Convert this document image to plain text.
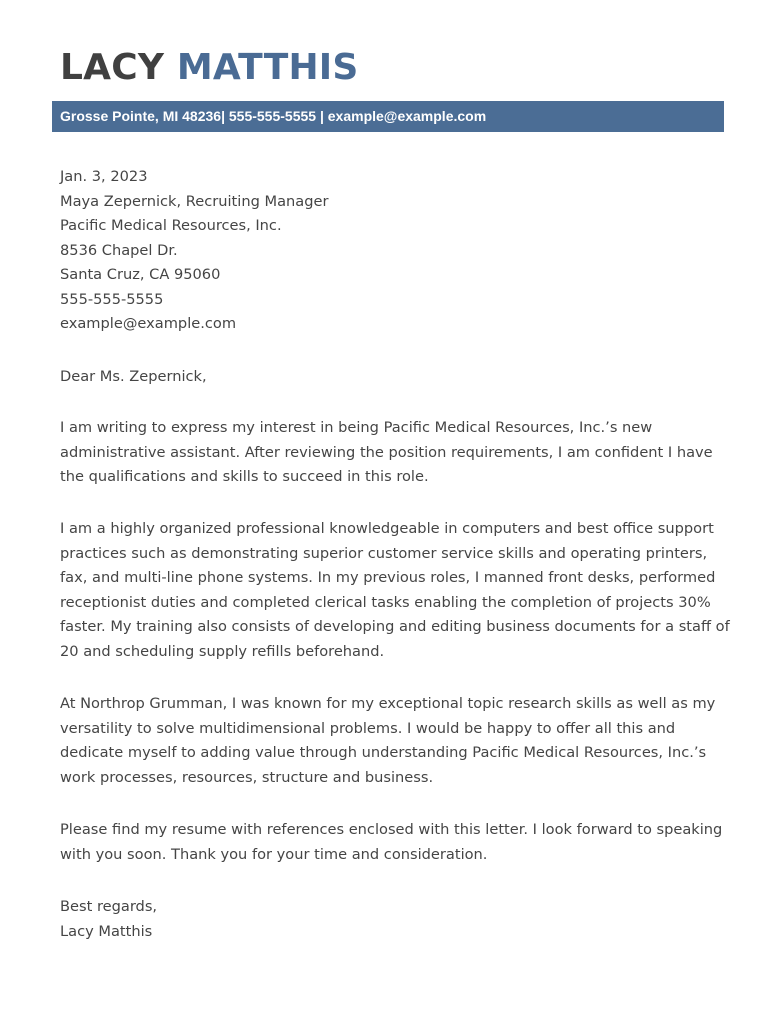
LACY MATTHIS
Grosse Pointe, MI 48236| 555-555-5555 | example@example.com
Jan. 3, 2023
Maya Zepernick, Recruiting Manager
Pacific Medical Resources, Inc.
8536 Chapel Dr.
Santa Cruz, CA 95060
555-555-5555
example@example.com
Dear Ms. Zepernick,

I am writing to express my interest in being Pacific Medical Resources, Inc.’s new administrative assistant. After reviewing the position requirements, I am confident I have the qualifications and skills to succeed in this role.

I am a highly organized professional knowledgeable in computers and best office support practices such as demonstrating superior customer service skills and operating printers, fax, and multi-line phone systems. In my previous roles, I manned front desks, performed receptionist duties and completed clerical tasks enabling the completion of projects 30% faster. My training also consists of developing and editing business documents for a staff of 20 and scheduling supply refills beforehand.

At Northrop Grumman, I was known for my exceptional topic research skills as well as my versatility to solve multidimensional problems. I would be happy to offer all this and dedicate myself to adding value through understanding Pacific Medical Resources, Inc.’s work processes, resources, structure and business.

Please find my resume with references enclosed with this letter. I look forward to speaking with you soon. Thank you for your time and consideration.

Best regards,
Lacy Matthis
